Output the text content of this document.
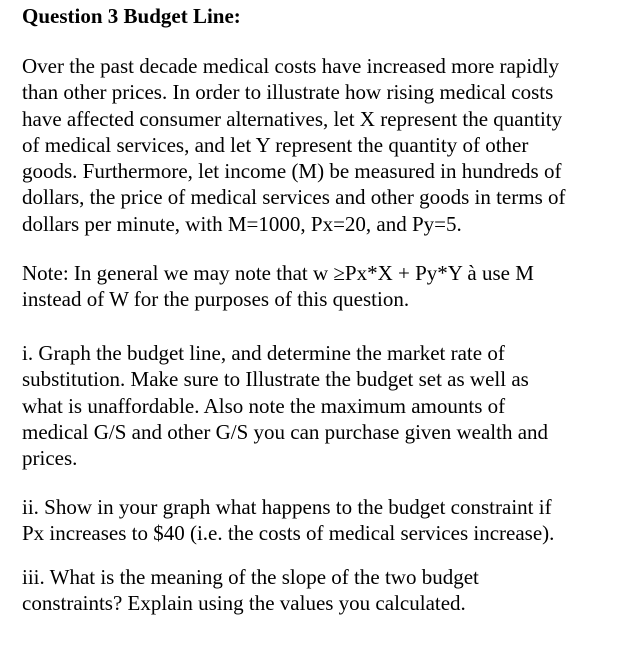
Question 3 Budget Line:
Over the past decade medical costs have increased more rapidly
than other prices. In order to illustrate how rising medical costs
have affected consumer alternatives, let X represent the quantity
of medical services, and let Y represent the quantity of other
goods. Furthermore, let income (M) be measured in hundreds of
dollars, the price of medical services and other goods in terms of
dollars per minute, with M=1000, Px=20, and Py=5.
Note: In general we may note that w ≥Px*X + Py*Y à use M
instead of W for the purposes of this question.
i. Graph the budget line, and determine the market rate of
substitution. Make sure to Illustrate the budget set as well as
what is unaffordable. Also note the maximum amounts of
medical G/S and other G/S you can purchase given wealth and
prices.
ii. Show in your graph what happens to the budget constraint if
Px increases to $40 (i.e. the costs of medical services increase).
iii. What is the meaning of the slope of the two budget
constraints? Explain using the values you calculated.
